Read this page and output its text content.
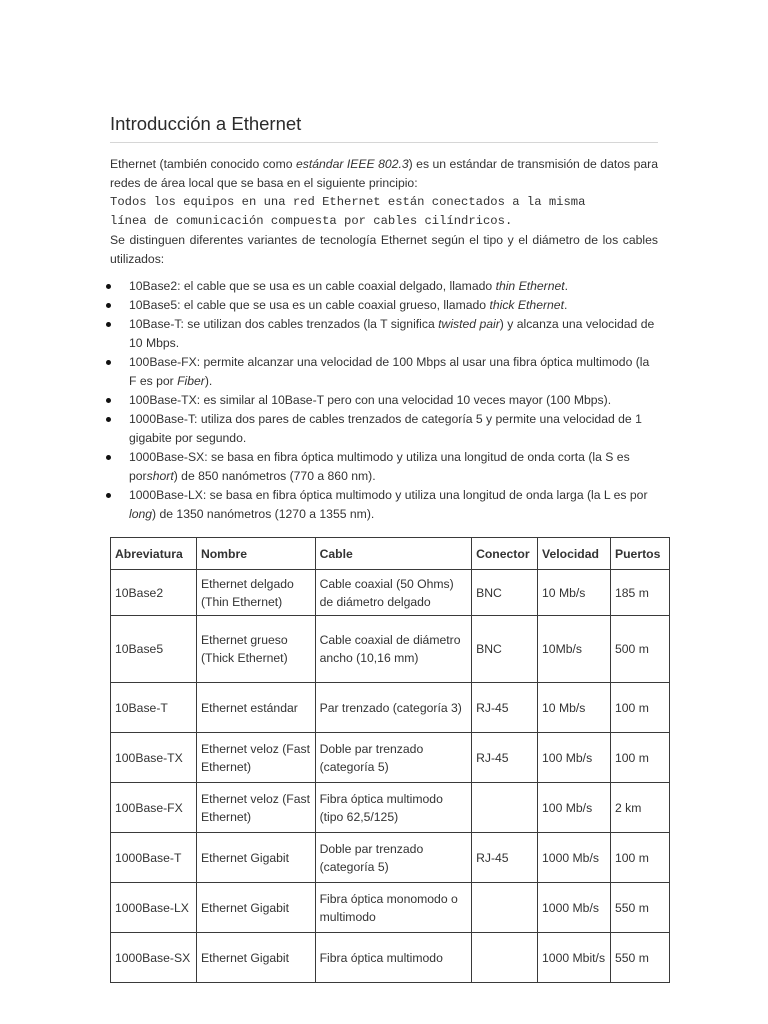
Introducción a Ethernet

Ethernet (también conocido como estándar IEEE 802.3) es un estándar de transmisión de datos para redes de área local que se basa en el siguiente principio:

Todos los equipos en una red Ethernet están conectados a la misma
línea de comunicación compuesta por cables cilíndricos.

Se distinguen diferentes variantes de tecnología Ethernet según el tipo y el diámetro de los cables utilizados:

10Base2: el cable que se usa es un cable coaxial delgado, llamado thin Ethernet.
10Base5: el cable que se usa es un cable coaxial grueso, llamado thick Ethernet.
10Base-T: se utilizan dos cables trenzados (la T significa twisted pair) y alcanza una velocidad de 10 Mbps.
100Base-FX: permite alcanzar una velocidad de 100 Mbps al usar una fibra óptica multimodo (la F es por Fiber).
100Base-TX: es similar al 10Base-T pero con una velocidad 10 veces mayor (100 Mbps).
1000Base-T: utiliza dos pares de cables trenzados de categoría 5 y permite una velocidad de 1 gigabite por segundo.
1000Base-SX: se basa en fibra óptica multimodo y utiliza una longitud de onda corta (la S es porshort) de 850 nanómetros (770 a 860 nm).
1000Base-LX: se basa en fibra óptica multimodo y utiliza una longitud de onda larga (la L es por long) de 1350 nanómetros (1270 a 1355 nm).
Abreviatura	Nombre	Cable	Conector	Velocidad	Puertos
10Base2	Ethernet delgado (Thin Ethernet)	Cable coaxial (50 Ohms) de diámetro delgado	BNC	10 Mb/s	185 m
10Base5	Ethernet grueso (Thick Ethernet)	Cable coaxial de diámetro ancho (10,16 mm)	BNC	10Mb/s	500 m
10Base-T	Ethernet estándar	Par trenzado (categoría 3)	RJ-45	10 Mb/s	100 m
100Base-TX	Ethernet veloz (Fast Ethernet)	Doble par trenzado (categoría 5)	RJ-45	100 Mb/s	100 m
100Base-FX	Ethernet veloz (Fast Ethernet)	Fibra óptica multimodo (tipo 62,5/125)		100 Mb/s	2 km
1000Base-T	Ethernet Gigabit	Doble par trenzado (categoría 5)	RJ-45	1000 Mb/s	100 m
1000Base-LX	Ethernet Gigabit	Fibra óptica monomodo o multimodo		1000 Mb/s	550 m
1000Base-SX	Ethernet Gigabit	Fibra óptica multimodo		1000 Mbit/s	550 m
